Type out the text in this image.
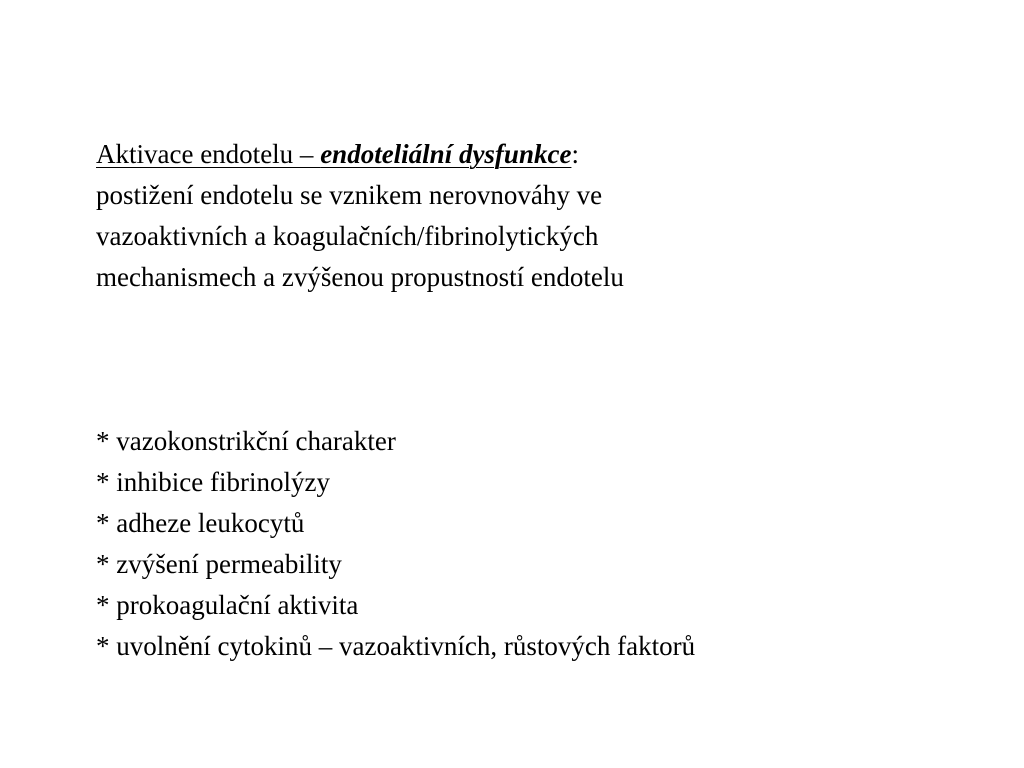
Aktivace endotelu – endoteliální dysfunkce:
postižení endotelu se vznikem nerovnováhy ve
vazoaktivních a koagulačních/fibrinolytických
mechanismech a zvýšenou propustností endotelu
* vazokonstrikční charakter
* inhibice fibrinolýzy
* adheze leukocytů
* zvýšení permeability
* prokoagulační aktivita
* uvolnění cytokinů – vazoaktivních, růstových faktorů
